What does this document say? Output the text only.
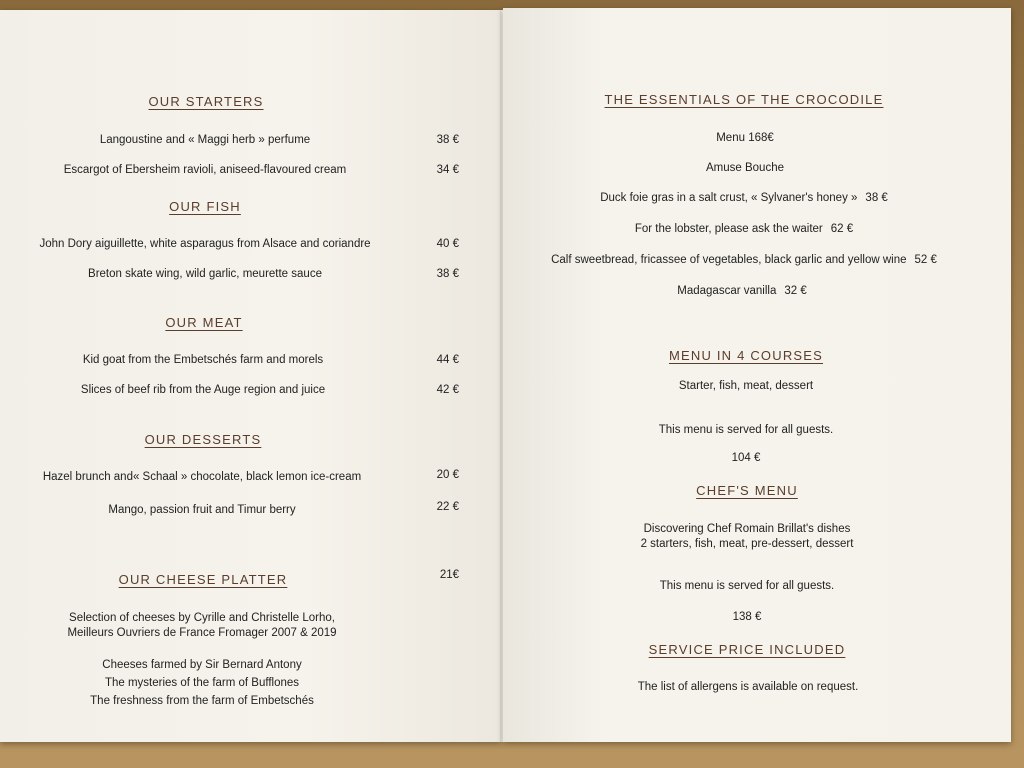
OUR STARTERS
Langoustine and « Maggi herb » perfume	38 €
Escargot of Ebersheim ravioli, aniseed-flavoured cream	34 €
OUR FISH
John Dory aiguillette, white asparagus from Alsace and coriandre	40 €
Breton skate wing, wild garlic, meurette sauce	38 €
OUR MEAT
Kid goat from the Embetschés farm and morels	44 €
Slices of beef rib from the Auge region and juice	42 €
OUR DESSERTS
Hazel brunch and« Schaal » chocolate, black lemon ice-cream	20 €
Mango, passion fruit and Timur berry	22 €
OUR CHEESE PLATTER	21€
Selection of cheeses by Cyrille and Christelle Lorho,
Meilleurs Ouvriers de France Fromager 2007 & 2019
Cheeses farmed by Sir Bernard Antony
The mysteries of the farm of Bufflones
The freshness from the farm of Embetschés
THE ESSENTIALS OF THE CROCODILE
Menu 168€
Amuse Bouche
Duck foie gras in a salt crust, « Sylvaner's honey » 38 €
For the lobster, please ask the waiter 62 €
Calf sweetbread, fricassee of vegetables, black garlic and yellow wine 52 €
Madagascar vanilla 32 €
MENU IN 4 COURSES
Starter, fish, meat, dessert
This menu is served for all guests.
104 €
CHEF'S MENU
Discovering Chef Romain Brillat's dishes
2 starters, fish, meat, pre-dessert, dessert
This menu is served for all guests.
138 €
SERVICE PRICE INCLUDED
The list of allergens is available on request.
